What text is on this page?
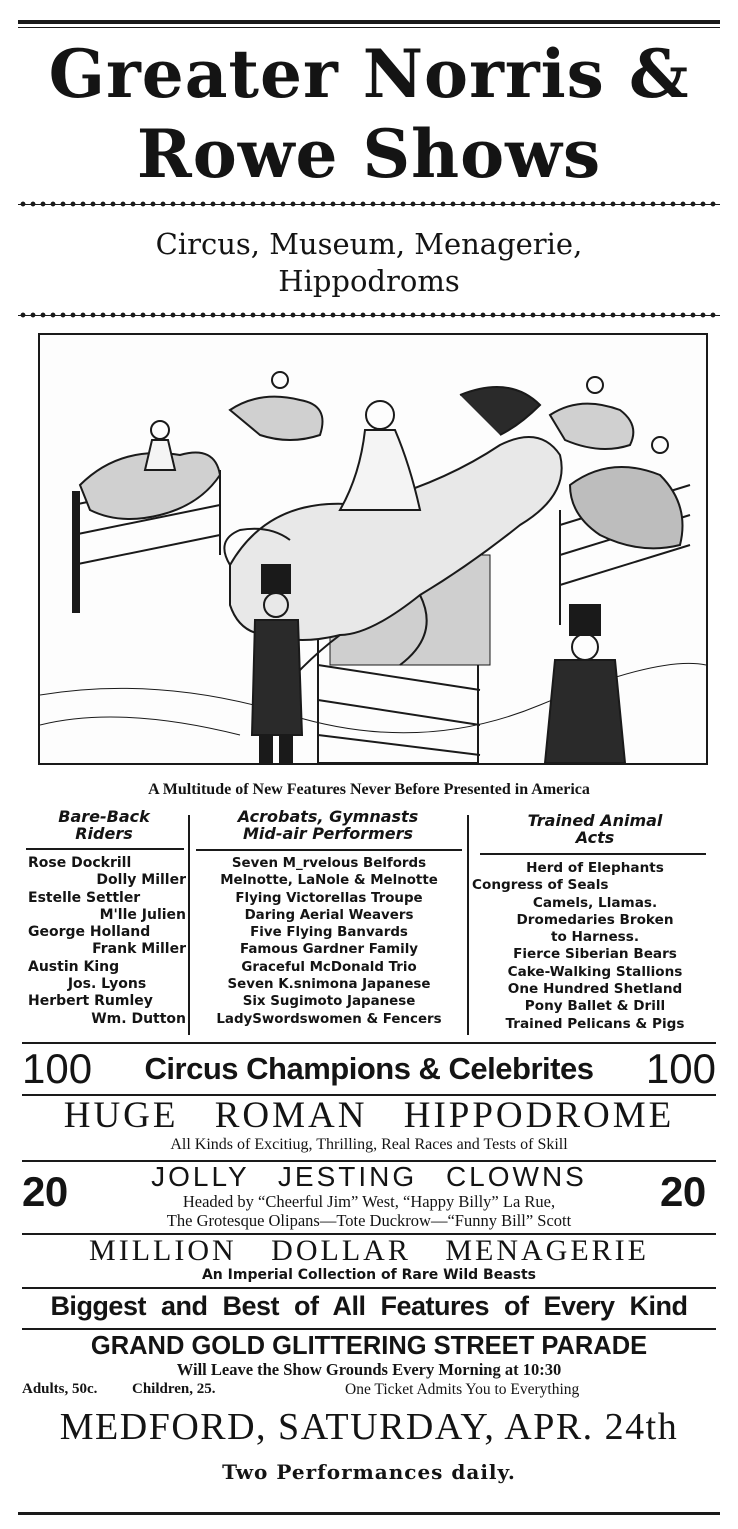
Greater Norris &
Rowe Shows
Circus, Museum, Menagerie,
Hippodroms
A Multitude of New Features Never Before Presented in America
Bare-Back
Riders
Acrobats, Gymnasts
Mid-air Performers
Trained Animal
Acts
Rose Dockrill
Dolly Miller
Estelle Settler
M'lle Julien
George Holland
Frank Miller
Austin King
Jos. Lyons
Herbert Rumley
Wm. Dutton
Seven M_rvelous Belfords
Melnotte, LaNole & Melnotte
Flying Victorellas Troupe
Daring Aerial Weavers
Five Flying Banvards
Famous Gardner Family
Graceful McDonald Trio
Seven K.snimona Japanese
Six Sugimoto Japanese
LadySwordswomen & Fencers
Herd of Elephants
Congress of Seals
Camels, Llamas.
Dromedaries Broken
to Harness.
Fierce Siberian Bears
Cake-Walking Stallions
One Hundred Shetland
Pony Ballet & Drill
Trained Pelicans & Pigs
100 Circus Champions & Celebrites 100
HUGE ROMAN HIPPODROME
All Kinds of Excitiug, Thrilling, Real Races and Tests of Skill
20	20
JOLLY JESTING CLOWNS
Headed by “Cheerful Jim” West, “Happy Billy” La Rue,
The Grotesque Olipans—Tote Duckrow—“Funny Bill” Scott
MILLION DOLLAR MENAGERIE
An Imperial Collection of Rare Wild Beasts
Biggest and Best of All Features of Every Kind
GRAND GOLD GLITTERING STREET PARADE
Will Leave the Show Grounds Every Morning at 10:30
Adults, 50c. Children, 25.	One Ticket Admits You to Everything
MEDFORD, SATURDAY, APR. 24th
Two Performances daily.
